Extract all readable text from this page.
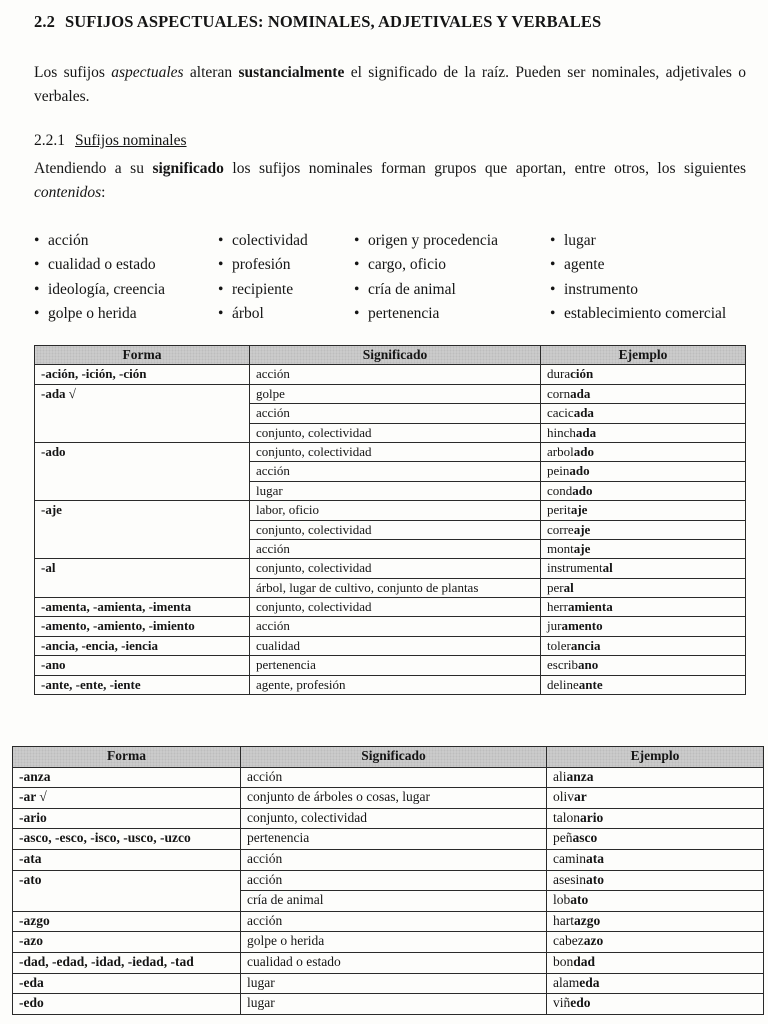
2.2 SUFIJOS ASPECTUALES: NOMINALES, ADJETIVALES Y VERBALES
Los sufijos aspectuales alteran sustancialmente el significado de la raíz. Pueden ser nominales, adjetivales o verbales.
2.2.1 Sufijos nominales
Atendiendo a su significado los sufijos nominales forman grupos que aportan, entre otros, los siguientes contenidos:
• acción
• cualidad o estado
• ideología, creencia
• golpe o herida
• colectividad
• profesión
• recipiente
• árbol
• origen y procedencia
• cargo, oficio
• cría de animal
• pertenencia
• lugar
• agente
• instrumento
• establecimiento comercial
Forma	Significado	Ejemplo
-ación, -ición, -ción	acción	duración
-ada √	golpe	cornada
	acción	cacicada
	conjunto, colectividad	hinchada
-ado	conjunto, colectividad	arbolado
	acción	peinado
	lugar	condado
-aje	labor, oficio	peritaje
	conjunto, colectividad	correaje
	acción	montaje
-al	conjunto, colectividad	instrumental
	árbol, lugar de cultivo, conjunto de plantas	peral
-amenta, -amienta, -imenta	conjunto, colectividad	herramienta
-amento, -amiento, -imiento	acción	juramento
-ancia, -encia, -iencia	cualidad	tolerancia
-ano	pertenencia	escribano
-ante, -ente, -iente	agente, profesión	delineante
Forma	Significado	Ejemplo
-anza	acción	alianza
-ar √	conjunto de árboles o cosas, lugar	olivar
-ario	conjunto, colectividad	talonario
-asco, -esco, -isco, -usco, -uzco	pertenencia	peñasco
-ata	acción	caminata
-ato	acción	asesinato
	cría de animal	lobato
-azgo	acción	hartazgo
-azo	golpe o herida	cabezazo
-dad, -edad, -idad, -iedad, -tad	cualidad o estado	bondad
-eda	lugar	alameda
-edo	lugar	viñedo
